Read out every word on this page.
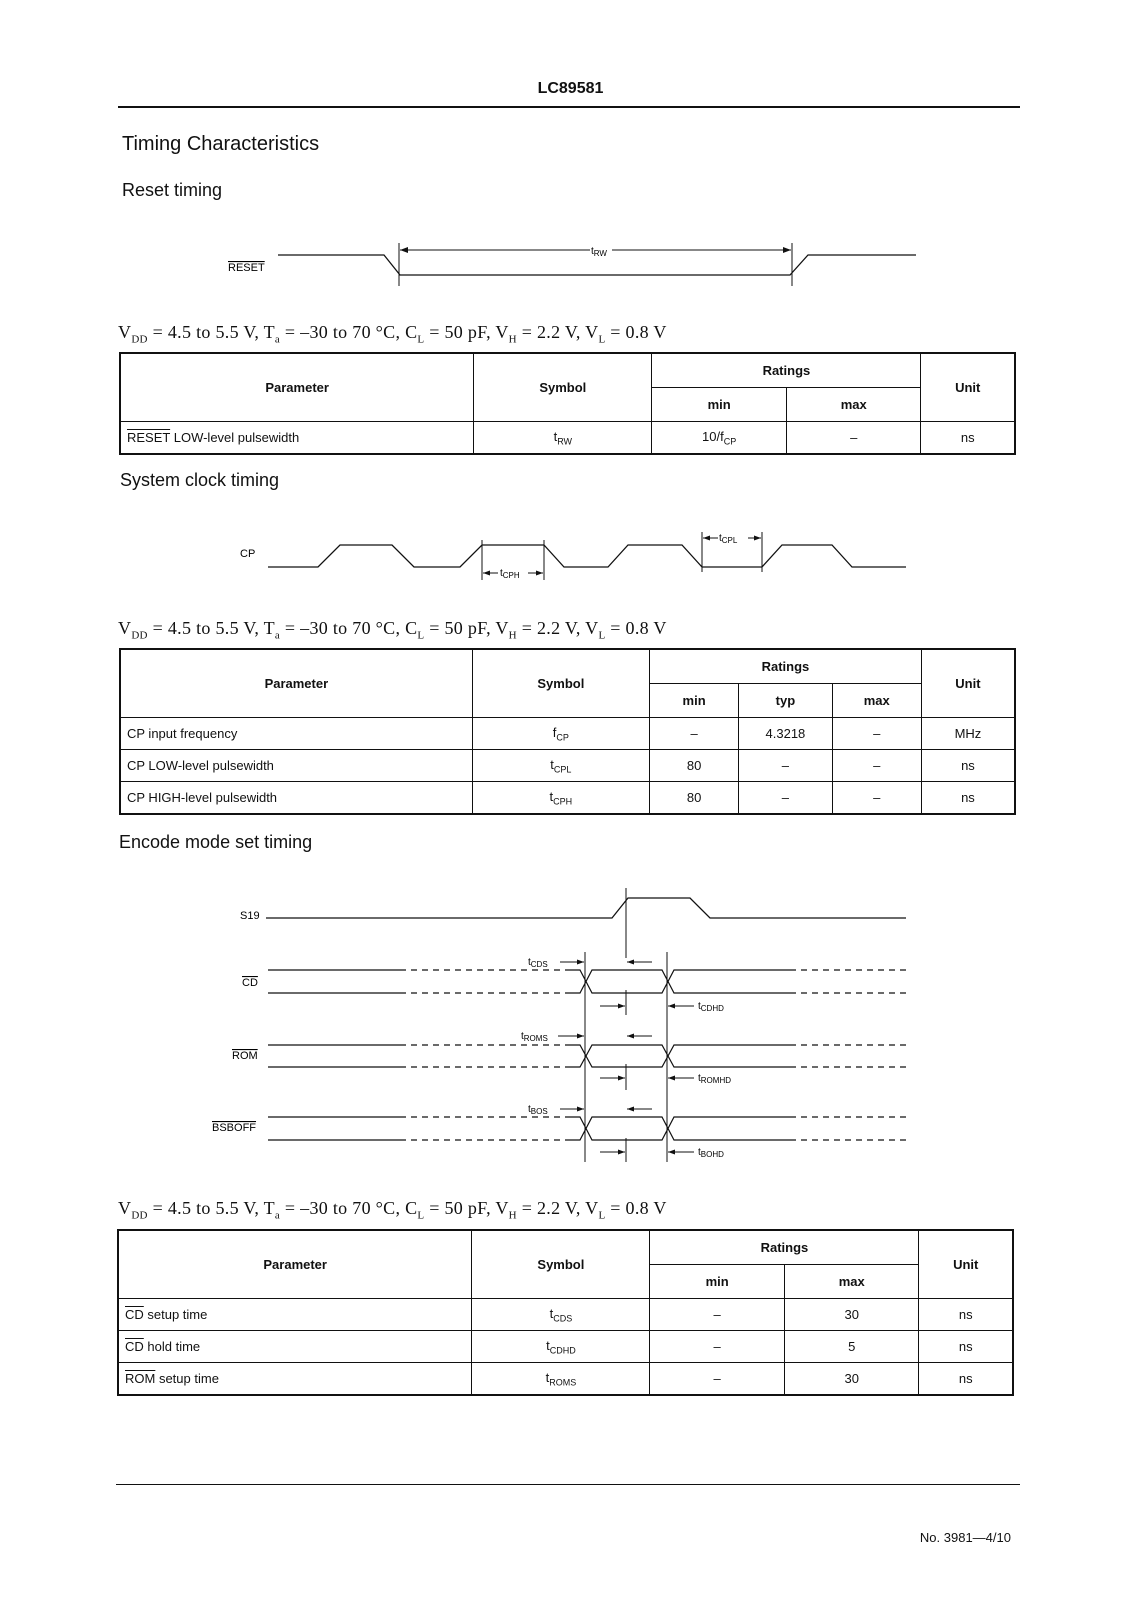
LC89581
Timing Characteristics
Reset timing
RESET
$t_{RW}$
$V_{DD} = 4.5$ to 5.5 V, $T_a = -30$ to 70 °C, $C_L = 50$ pF, $V_H = 2.2$ V, $V_L = 0.8$ V
Parameter	Symbol	Ratings		Unit
		min	max	
RESET LOW-level pulsewidth	$t_{RW}$	$10/f_{CP}$	–	ns
System clock timing
CP
$t_{CPH}$
$t_{CPL}$
$V_{DD} = 4.5$ to 5.5 V, $T_a = -30$ to 70 °C, $C_L = 50$ pF, $V_H = 2.2$ V, $V_L = 0.8$ V
Parameter	Symbol	Ratings			Unit
		min	typ	max	
CP input frequency	$f_{CP}$	–	4.3218	–	MHz
CP LOW-level pulsewidth	$t_{CPL}$	80	–	–	ns
CP HIGH-level pulsewidth	$t_{CPH}$	80	–	–	ns
Encode mode set timing
S19
CD
ROM
BSBOFF
$t_{CDS}$
$t_{CDHD}$
$t_{ROMS}$
$t_{ROMHD}$
$t_{BOS}$
$t_{BOHD}$
$V_{DD} = 4.5$ to 5.5 V, $T_a = -30$ to 70 °C, $C_L = 50$ pF, $V_H = 2.2$ V, $V_L = 0.8$ V
Parameter	Symbol	Ratings		Unit
		min	max	
$\overline{CD}$ setup time	$t_{CDS}$	–	30	ns
$\overline{CD}$ hold time	$t_{CDHD}$	–	5	ns
$\overline{ROM}$ setup time	$t_{ROMS}$	–	30	ns
No. 3981—4/10
